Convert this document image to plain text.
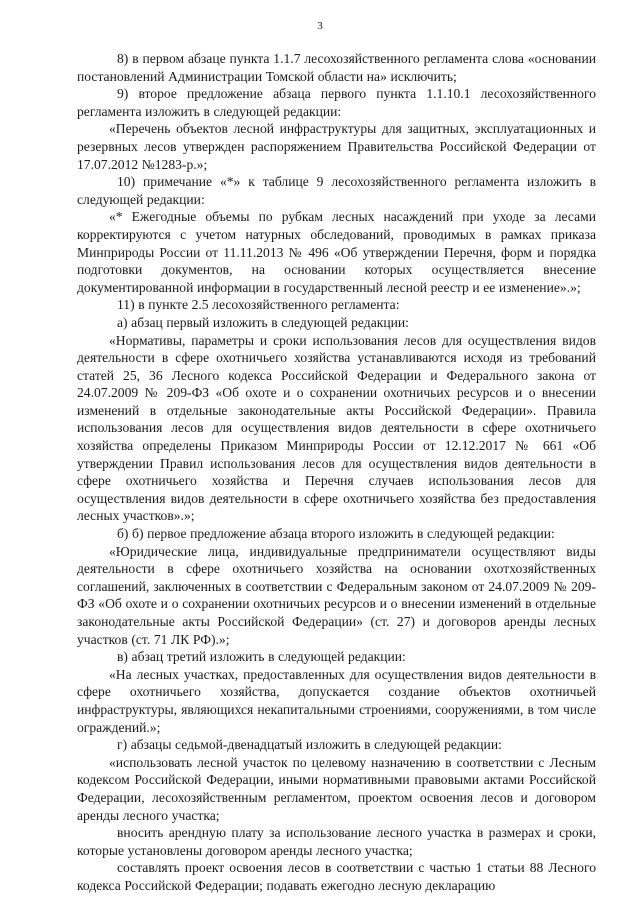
3

8) в первом абзаце пункта 1.1.7 лесохозяйственного регламента слова «основании постановлений Администрации Томской области на» исключить;

9) второе предложение абзаца первого пункта 1.1.10.1 лесохозяйственного регламента изложить в следующей редакции:

«Перечень объектов лесной инфраструктуры для защитных, эксплуатационных и резервных лесов утвержден распоряжением Правительства Российской Федерации от 17.07.2012 №1283-р.»;

10) примечание «*» к таблице 9 лесохозяйственного регламента изложить в следующей редакции:

«* Ежегодные объемы по рубкам лесных насаждений при уходе за лесами корректируются с учетом натурных обследований, проводимых в рамках приказа Минприроды России от 11.11.2013 № 496 «Об утверждении Перечня, форм и порядка подготовки документов, на основании которых осуществляется внесение документированной информации в государственный лесной реестр и ее изменение».»;

11) в пункте 2.5 лесохозяйственного регламента:

а) абзац первый изложить в следующей редакции:

«Нормативы, параметры и сроки использования лесов для осуществления видов деятельности в сфере охотничьего хозяйства устанавливаются исходя из требований статей 25, 36 Лесного кодекса Российской Федерации и Федерального закона от 24.07.2009 № 209-ФЗ «Об охоте и о сохранении охотничьих ресурсов и о внесении изменений в отдельные законодательные акты Российской Федерации». Правила использования лесов для осуществления видов деятельности в сфере охотничьего хозяйства определены Приказом Минприроды России от 12.12.2017 № 661 «Об утверждении Правил использования лесов для осуществления видов деятельности в сфере охотничьего хозяйства и Перечня случаев использования лесов для осуществления видов деятельности в сфере охотничьего хозяйства без предоставления лесных участков».»;

б) б) первое предложение абзаца второго изложить в следующей редакции:

«Юридические лица, индивидуальные предприниматели осуществляют виды деятельности в сфере охотничьего хозяйства на основании охотхозяйственных соглашений, заключенных в соответствии с Федеральным законом от 24.07.2009 № 209-ФЗ «Об охоте и о сохранении охотничьих ресурсов и о внесении изменений в отдельные законодательные акты Российской Федерации» (ст. 27) и договоров аренды лесных участков (ст. 71 ЛК РФ).»;

в) абзац третий изложить в следующей редакции:

«На лесных участках, предоставленных для осуществления видов деятельности в сфере охотничьего хозяйства, допускается создание объектов охотничьей инфраструктуры, являющихся некапитальными строениями, сооружениями, в том числе ограждений.»;

г) абзацы седьмой-двенадцатый изложить в следующей редакции:

«использовать лесной участок по целевому назначению в соответствии с Лесным кодексом Российской Федерации, иными нормативными правовыми актами Российской Федерации, лесохозяйственным регламентом, проектом освоения лесов и договором аренды лесного участка;

вносить арендную плату за использование лесного участка в размерах и сроки, которые установлены договором аренды лесного участка;

составлять проект освоения лесов в соответствии с частью 1 статьи 88 Лесного кодекса Российской Федерации; подавать ежегодно лесную декларацию
